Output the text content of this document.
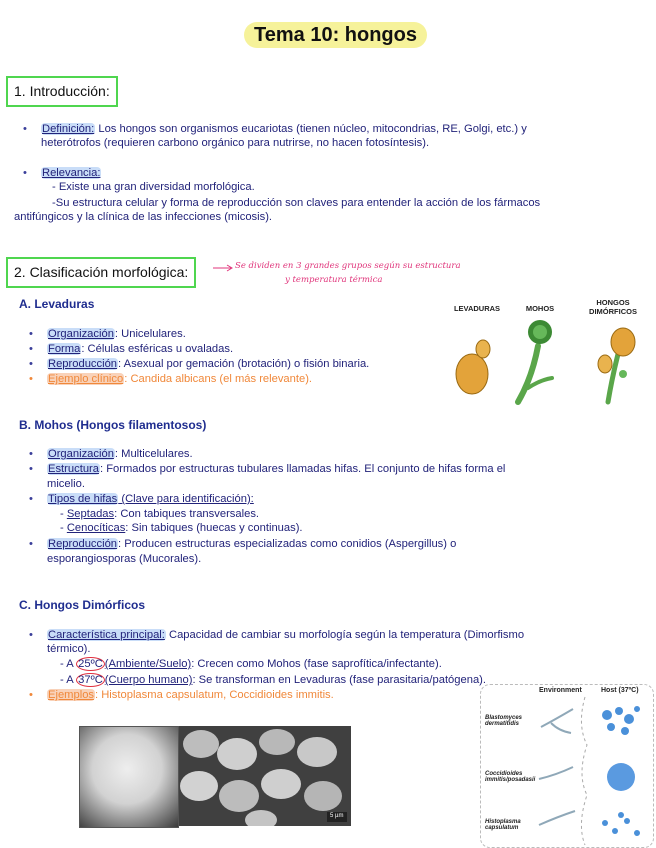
Tema 10: hongos
1. Introducción:
• Definición: Los hongos son organismos eucariotas (tienen núcleo, mitocondrias, RE, Golgi, etc.) y
heterótrofos (requieren carbono orgánico para nutrirse, no hacen fotosíntesis).
• Relevancia:
- Existe una gran diversidad morfológica.
-Su estructura celular y forma de reproducción son claves para entender la acción de los fármacos
antifúngicos y la clínica de las infecciones (micosis).
2. Clasificación morfológica:	Se dividen en 3 grandes grupos según su estructura
y temperatura térmica
A. Levaduras
• Organización: Unicelulares.
• Forma: Células esféricas u ovaladas.
• Reproducción: Asexual por gemación (brotación) o fisión binaria.
• Ejemplo clínico: Candida albicans (el más relevante).
LEVADURAS	MOHOS
HONGOS
DIMÓRFICOS
B. Mohos (Hongos filamentosos)
• Organización: Multicelulares.
• Estructura: Formados por estructuras tubulares llamadas hifas. El conjunto de hifas forma el
micelio.
• Tipos de hifas (Clave para identificación):
- Septadas: Con tabiques transversales.
- Cenocíticas: Sin tabiques (huecas y continuas).
• Reproducción: Producen estructuras especializadas como conidios (Aspergillus) o
esporangiosporas (Mucorales).
C. Hongos Dimórficos
• Característica principal: Capacidad de cambiar su morfología según la temperatura (Dimorfismo
térmico).
- A 25ºC (Ambiente/Suelo): Crecen como Mohos (fase saprofítica/infectante).
- A 37ºC (Cuerpo humano): Se transforman en Levaduras (fase parasitaria/patógena).
• Ejemplos: Histoplasma capsulatum, Coccidioides immitis.
5 µm
Environment	Host (37ºC)
Blastomyces
dermatitidis
Coccidioides
immitis/posadasii
Histoplasma
capsulatum
